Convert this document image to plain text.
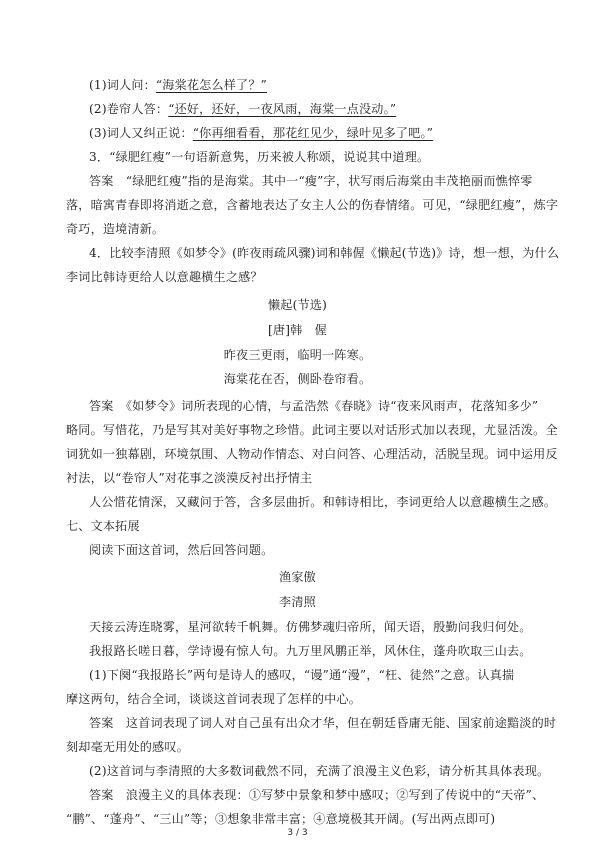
(1)词人问：“海棠花怎么样了？”
(2)卷帘人答：“还好，还好，一夜风雨，海棠一点没动。”
(3)词人又纠正说：“你再细看看，那花红见少，绿叶见多了吧。”
3．“绿肥红瘦”一句语新意隽，历来被人称颂，说说其中道理。
答案　“绿肥红瘦”指的是海棠。其中一“瘦”字，状写雨后海棠由丰茂艳丽而憔悴零
落，暗寓青春即将消逝之意，含蓄地表达了女主人公的伤春情绪。可见，“绿肥红瘦”，炼字
奇巧，造境清新。
4．比较李清照《如梦令》(昨夜雨疏风骤)词和韩偓《懒起(节选)》诗，想一想，为什么
李词比韩诗更给人以意趣横生之感？
懒起(节选)
[唐]韩　偓
昨夜三更雨，临明一阵寒。
海棠花在否，侧卧卷帘看。
答案　《如梦令》词所表现的心情，与孟浩然《春晓》诗“夜来风雨声，花落知多少”
略同。写惜花，乃是写其对美好事物之珍惜。此词主要以对话形式加以表现，尤显活泼。全
词犹如一独幕剧，环境氛围、人物动作情态、对白问答、心理活动，活脱呈现。词中运用反
衬法，以“卷帘人”对花事之淡漠反衬出抒情主
人公惜花情深，又藏问于答，含多层曲折。和韩诗相比，李词更给人以意趣横生之感。
七、文本拓展
阅读下面这首词，然后回答问题。
渔家傲
李清照
天接云涛连晓雾，星河欲转千帆舞。仿佛梦魂归帝所，闻天语，殷勤问我归何处。
我报路长嗟日暮，学诗谩有惊人句。九万里风鹏正举，风休住，蓬舟吹取三山去。
(1)下阕“我报路长”两句是诗人的感叹，“谩”通“漫”，“枉、徒然”之意。认真揣
摩这两句，结合全词，谈谈这首词表现了怎样的中心。
答案　这首词表现了词人对自己虽有出众才华，但在朝廷昏庸无能、国家前途黯淡的时
刻却毫无用处的感叹。
(2)这首词与李清照的大多数词截然不同，充满了浪漫主义色彩，请分析其具体表现。
答案　浪漫主义的具体表现：①写梦中景象和梦中感叹；②写到了传说中的“天帝”、
“鹏”、“蓬舟”、“三山”等；③想象非常丰富；④意境极其开阔。(写出两点即可)
3 / 3
